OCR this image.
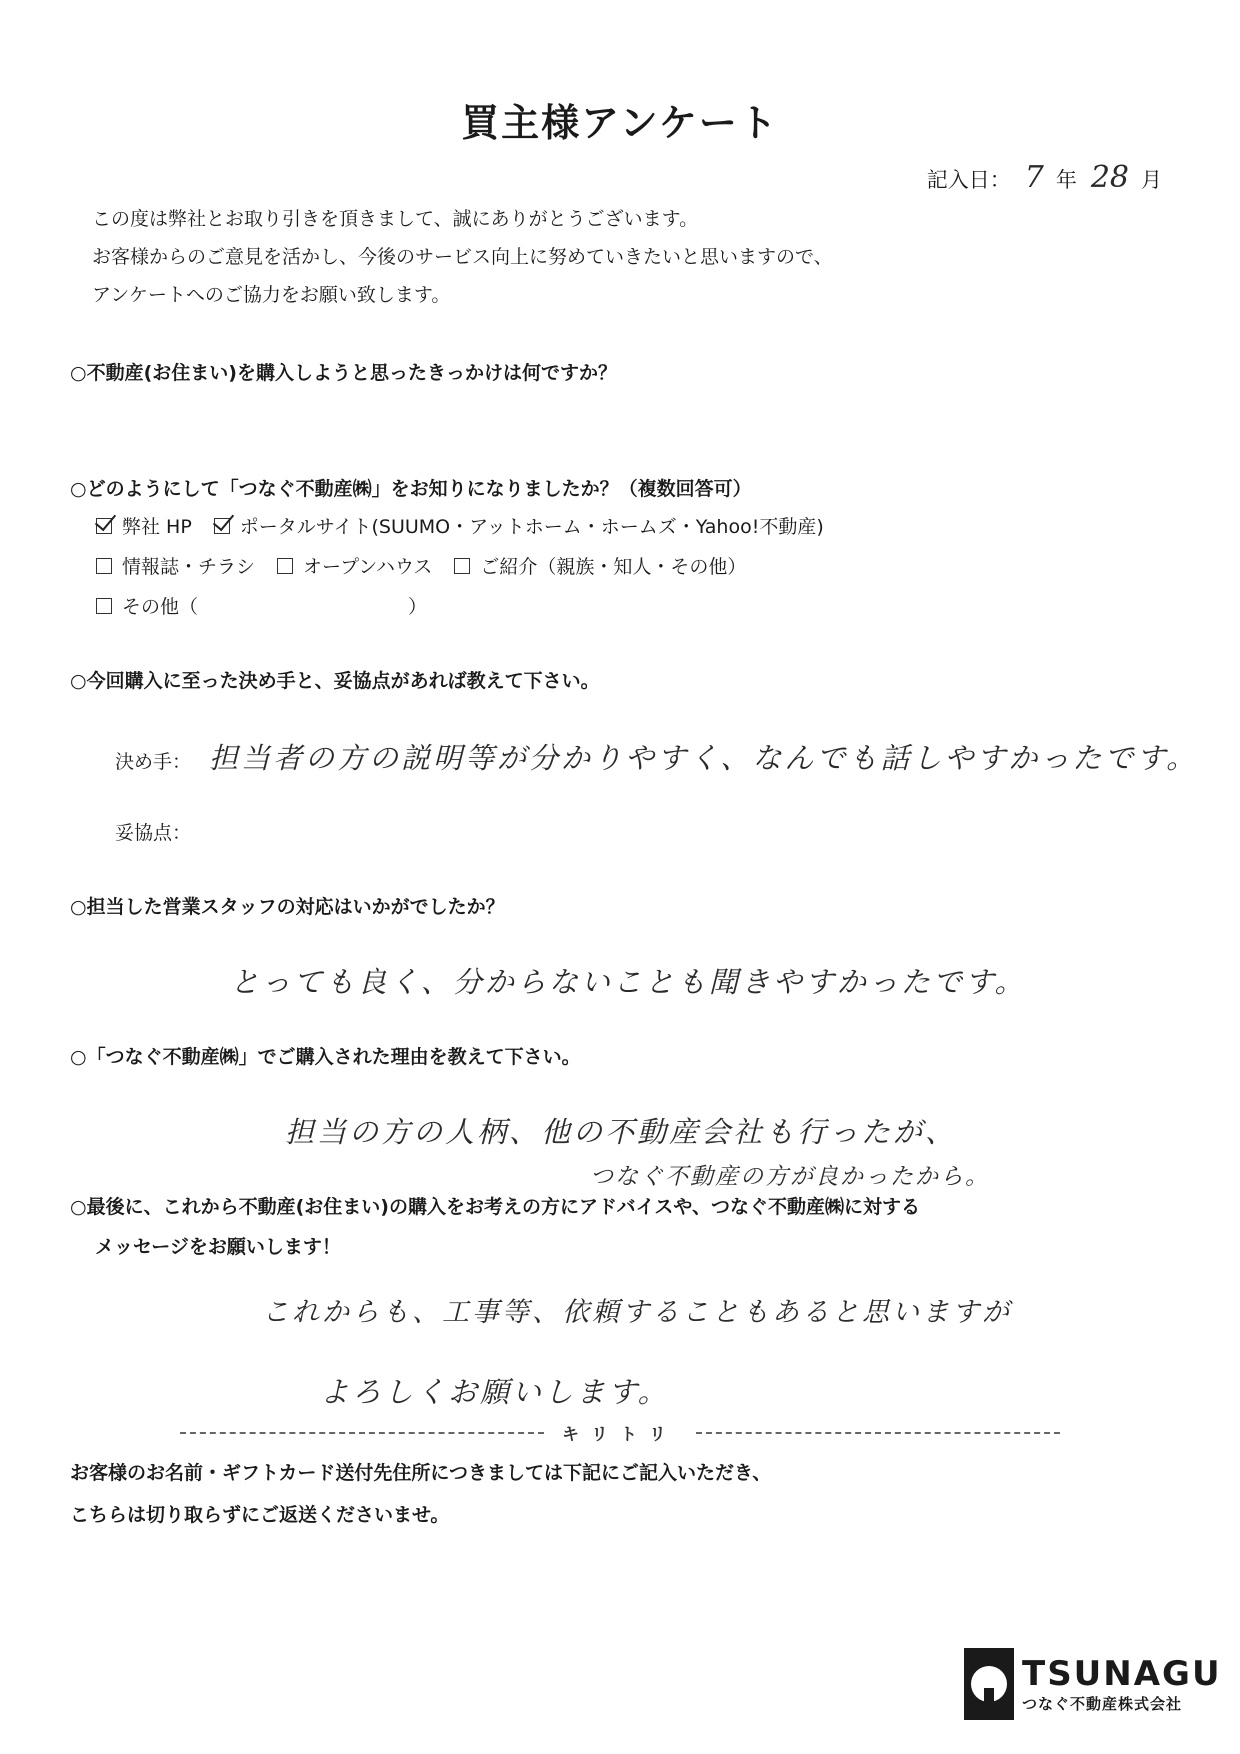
買主様アンケート
記入日： 7 年 28 月
この度は弊社とお取り引きを頂きまして、誠にありがとうございます。
お客様からのご意見を活かし、今後のサービス向上に努めていきたいと思いますので、
アンケートへのご協力をお願い致します。
○不動産(お住まい)を購入しようと思ったきっかけは何ですか？
○どのようにして「つなぐ不動産㈱」をお知りになりましたか？（複数回答可）
弊社 HP	ポータルサイト(SUUMO・アットホーム・ホームズ・Yahoo!不動産)
情報誌・チラシ	オープンハウス	ご紹介（親族・知人・その他）
その他（	）
○今回購入に至った決め手と、妥協点があれば教えて下さい。
決め手： 担当者の方の説明等が分かりやすく、なんでも話しやすかったです。
妥協点：
○担当した営業スタッフの対応はいかがでしたか？
とっても良く、分からないことも聞きやすかったです。
○「つなぐ不動産㈱」でご購入された理由を教えて下さい。
担当の方の人柄、他の不動産会社も行ったが、
つなぐ不動産の方が良かったから。
○最後に、これから不動産(お住まい)の購入をお考えの方にアドバイスや、つなぐ不動産㈱に対する
メッセージをお願いします！
これからも、工事等、依頼することもあると思いますが
よろしくお願いします。
キリトリ
お客様のお名前・ギフトカード送付先住所につきましては下記にご記入いただき、
こちらは切り取らずにご返送くださいませ。
TSUNAGU
つなぐ不動産株式会社
